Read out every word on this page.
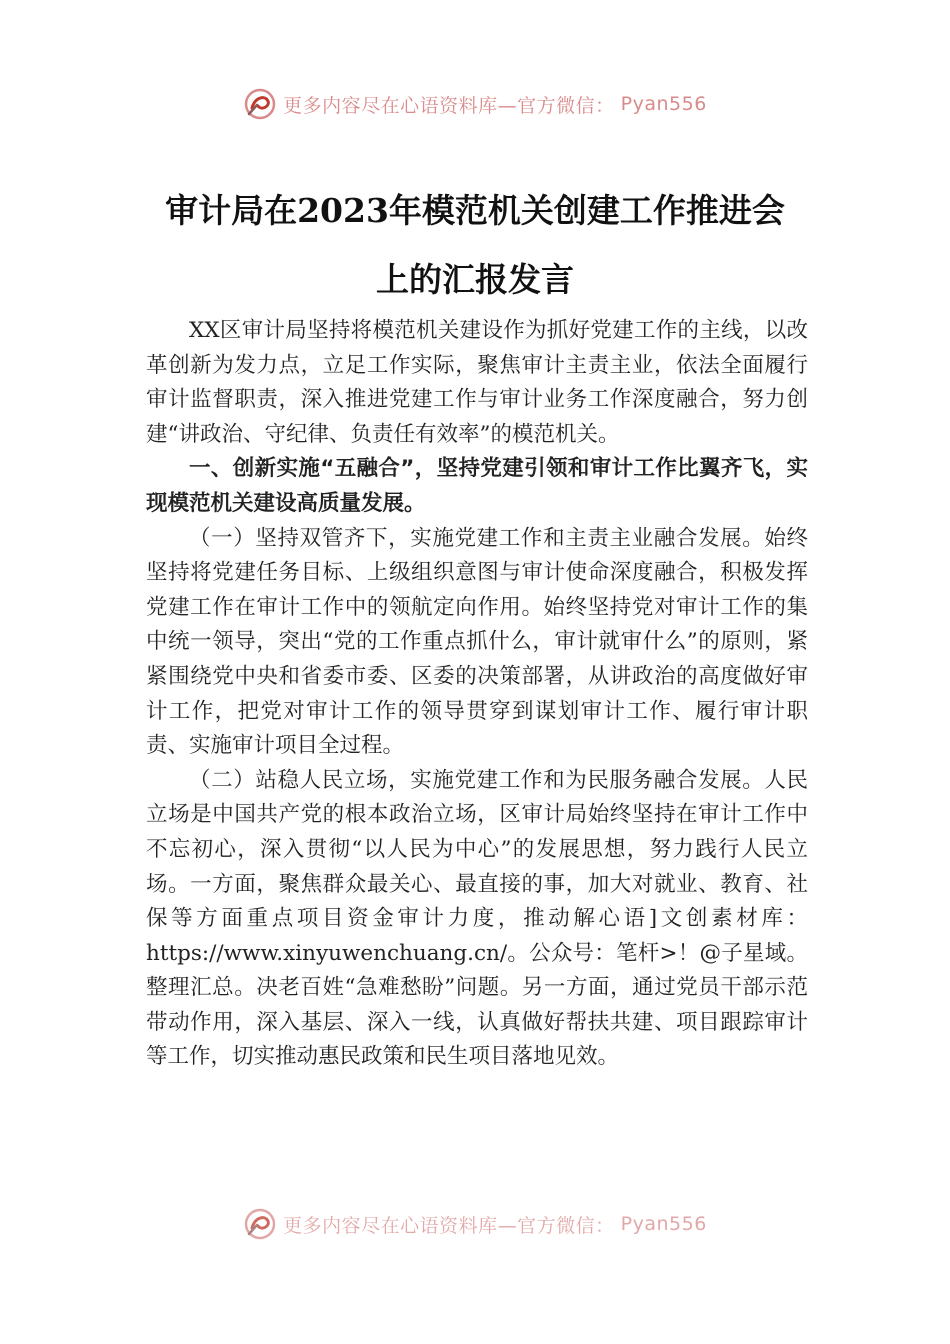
更多内容尽在心语资料库—官方微信： Pyan556
审计局在2023年模范机关创建工作推进会
上的汇报发言

XX区审计局坚持将模范机关建设作为抓好党建工作的主线，以改革创新为发力点，立足工作实际，聚焦审计主责主业，依法全面履行审计监督职责，深入推进党建工作与审计业务工作深度融合，努力创建“讲政治、守纪律、负责任有效率”的模范机关。

一、创新实施“五融合”，坚持党建引领和审计工作比翼齐飞，实现模范机关建设高质量发展。

（一）坚持双管齐下，实施党建工作和主责主业融合发展。始终坚持将党建任务目标、上级组织意图与审计使命深度融合，积极发挥党建工作在审计工作中的领航定向作用。始终坚持党对审计工作的集中统一领导，突出“党的工作重点抓什么，审计就审什么”的原则，紧紧围绕党中央和省委市委、区委的决策部署，从讲政治的高度做好审计工作，把党对审计工作的领导贯穿到谋划审计工作、履行审计职责、实施审计项目全过程。

（二）站稳人民立场，实施党建工作和为民服务融合发展。人民立场是中国共产党的根本政治立场，区审计局始终坚持在审计工作中不忘初心，深入贯彻“以人民为中心”的发展思想，努力践行人民立场。一方面，聚焦群众最关心、最直接的事，加大对就业、教育、社保等方面重点项目资金审计力度，推动解心语]文创素材库：https://www.xinyuwenchuang.cn/。公众号：笔杆>！@子星域。整理汇总。决老百姓“急难愁盼”问题。另一方面，通过党员干部示范带动作用，深入基层、深入一线，认真做好帮扶共建、项目跟踪审计等工作，切实推动惠民政策和民生项目落地见效。

更多内容尽在心语资料库—官方微信： Pyan556
